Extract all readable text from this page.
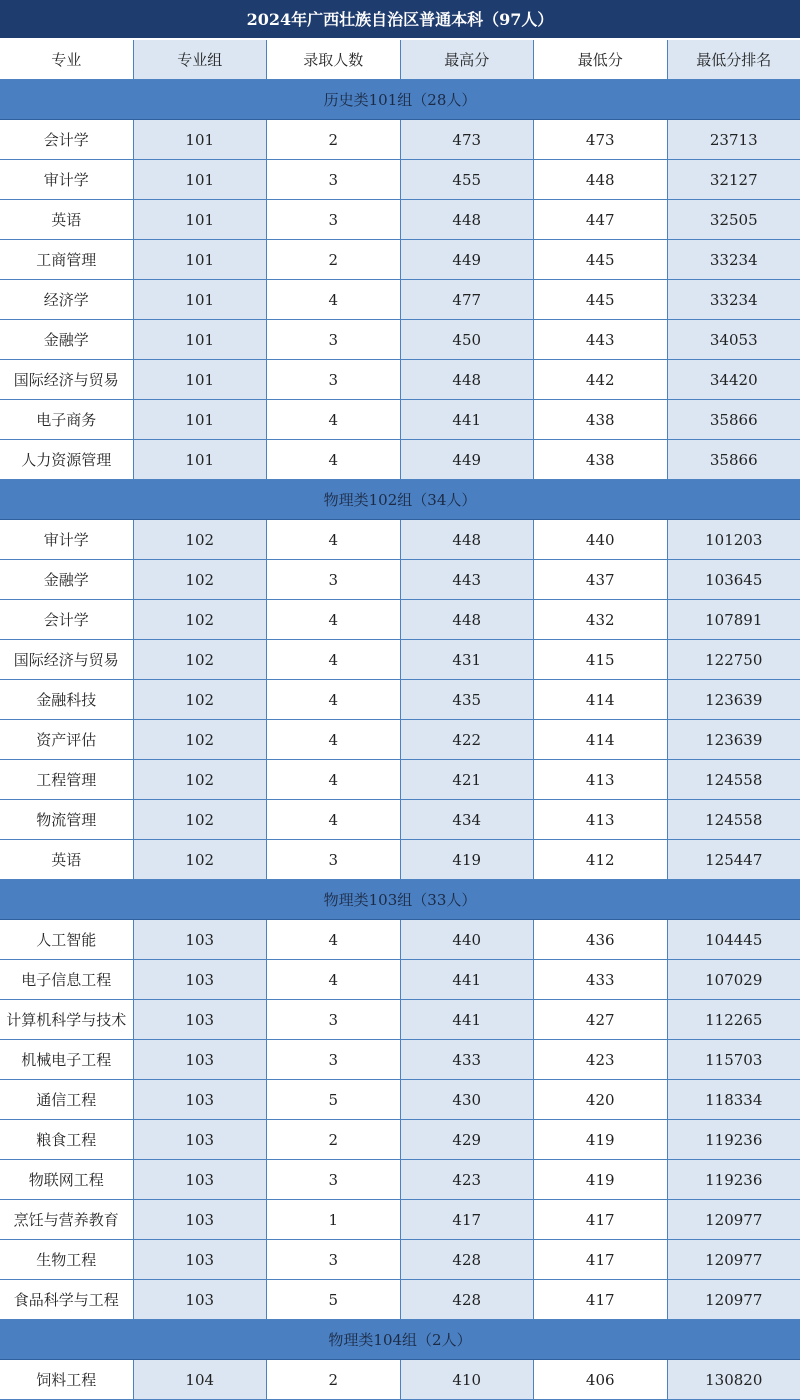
2024年广西壮族自治区普通本科（97人）
专业	专业组	录取人数	最高分	最低分	最低分排名
历史类101组（28人）
会计学	101	2	473	473	23713
审计学	101	3	455	448	32127
英语	101	3	448	447	32505
工商管理	101	2	449	445	33234
经济学	101	4	477	445	33234
金融学	101	3	450	443	34053
国际经济与贸易	101	3	448	442	34420
电子商务	101	4	441	438	35866
人力资源管理	101	4	449	438	35866
物理类102组（34人）
审计学	102	4	448	440	101203
金融学	102	3	443	437	103645
会计学	102	4	448	432	107891
国际经济与贸易	102	4	431	415	122750
金融科技	102	4	435	414	123639
资产评估	102	4	422	414	123639
工程管理	102	4	421	413	124558
物流管理	102	4	434	413	124558
英语	102	3	419	412	125447
物理类103组（33人）
人工智能	103	4	440	436	104445
电子信息工程	103	4	441	433	107029
计算机科学与技术	103	3	441	427	112265
机械电子工程	103	3	433	423	115703
通信工程	103	5	430	420	118334
粮食工程	103	2	429	419	119236
物联网工程	103	3	423	419	119236
烹饪与营养教育	103	1	417	417	120977
生物工程	103	3	428	417	120977
食品科学与工程	103	5	428	417	120977
物理类104组（2人）
饲料工程	104	2	410	406	130820
